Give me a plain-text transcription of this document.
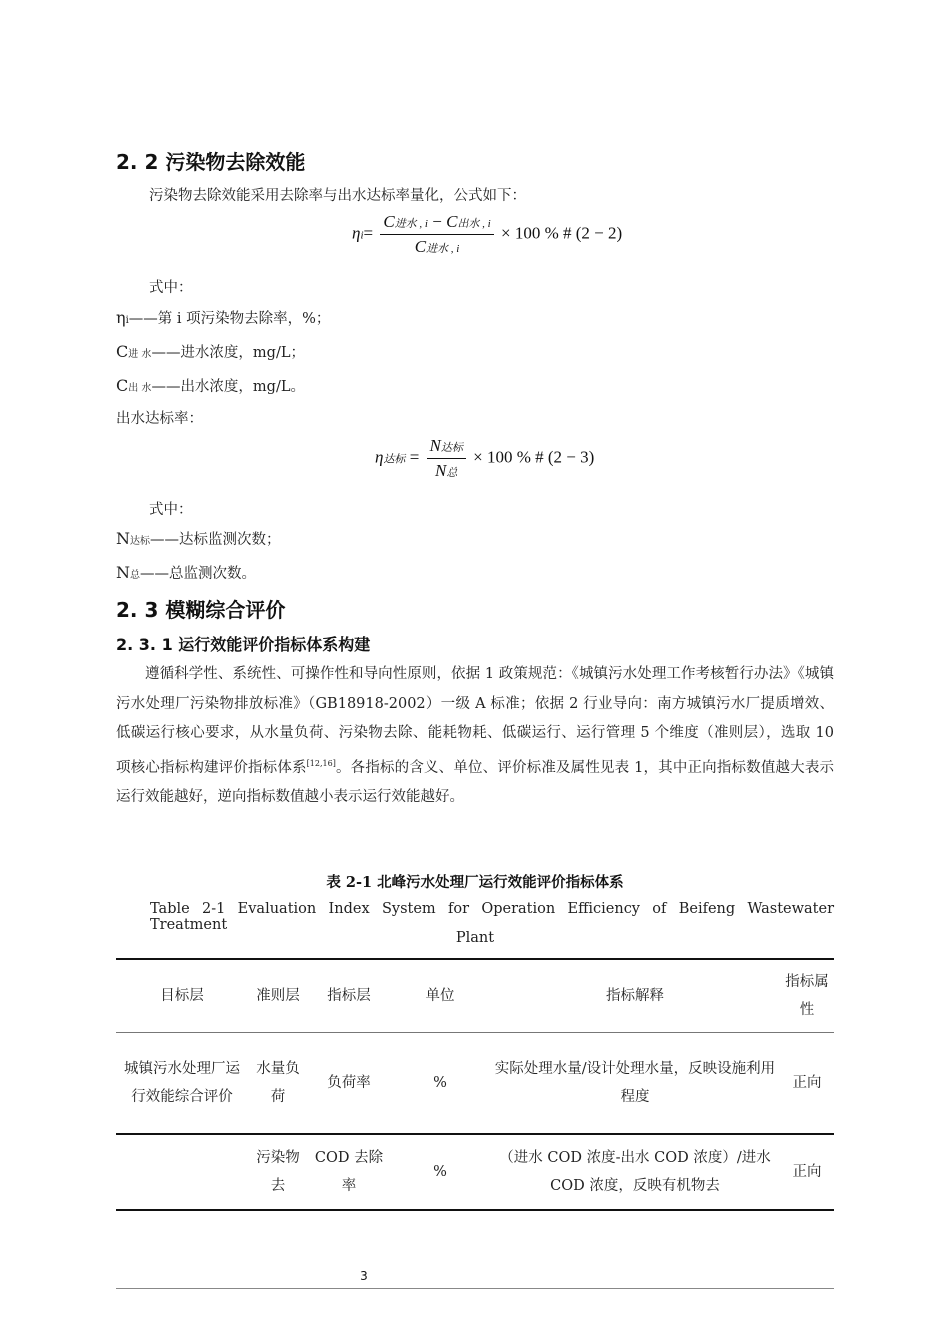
2. 2 污染物去除效能
污染物去除效能采用去除率与出水达标率量化，公式如下：
$\eta i= \frac{\text{C进水 , i − C出水 , i}}{\text{C进水 , i}} \times 100$ % # (2 − 2)
式中：
ηi——第 i 项污染物去除率，%；
C进 水——进水浓度，mg/L；
C出 水——出水浓度，mg/L。
出水达标率：
η达标 = $\frac{\text{N达标}}{\text{N总}} \times 100$ % # (2 − 3)
式中：
N达标——达标监测次数；
N总——总监测次数。
2. 3 模糊综合评价
2. 3. 1 运行效能评价指标体系构建
遵循科学性、系统性、可操作性和导向性原则，依据 1 政策规范：《城镇污水处理工作考核暂行办法》《城镇污水处理厂污染物排放标准》（GB18918-2002）一级 A 标准；依据 2 行业导向：南方城镇污水厂提质增效、低碳运行核心要求，从水量负荷、污染物去除、能耗物耗、低碳运行、运行管理 5 个维度（准则层），选取 10 项核心指标构建评价指标体系[12,16]。各指标的含义、单位、评价标准及属性见表 1，其中正向指标数值越大表示运行效能越好，逆向指标数值越小表示运行效能越好。
表 2-1 北峰污水处理厂运行效能评价指标体系
Table 2-1 Evaluation Index System for Operation Efficiency of Beifeng Wastewater Treatment
Plant
目标层	准则层	指标层	单位	指标解释	指标属性
城镇污水处理厂运行效能综合评价	水量负荷	负荷率	%	实际处理水量/设计处理水量，反映设施利用程度	正向
	污染物去	COD 去除率	%	（进水 COD 浓度-出水 COD 浓度）/进水 COD 浓度，反映有机物去	正向
3
